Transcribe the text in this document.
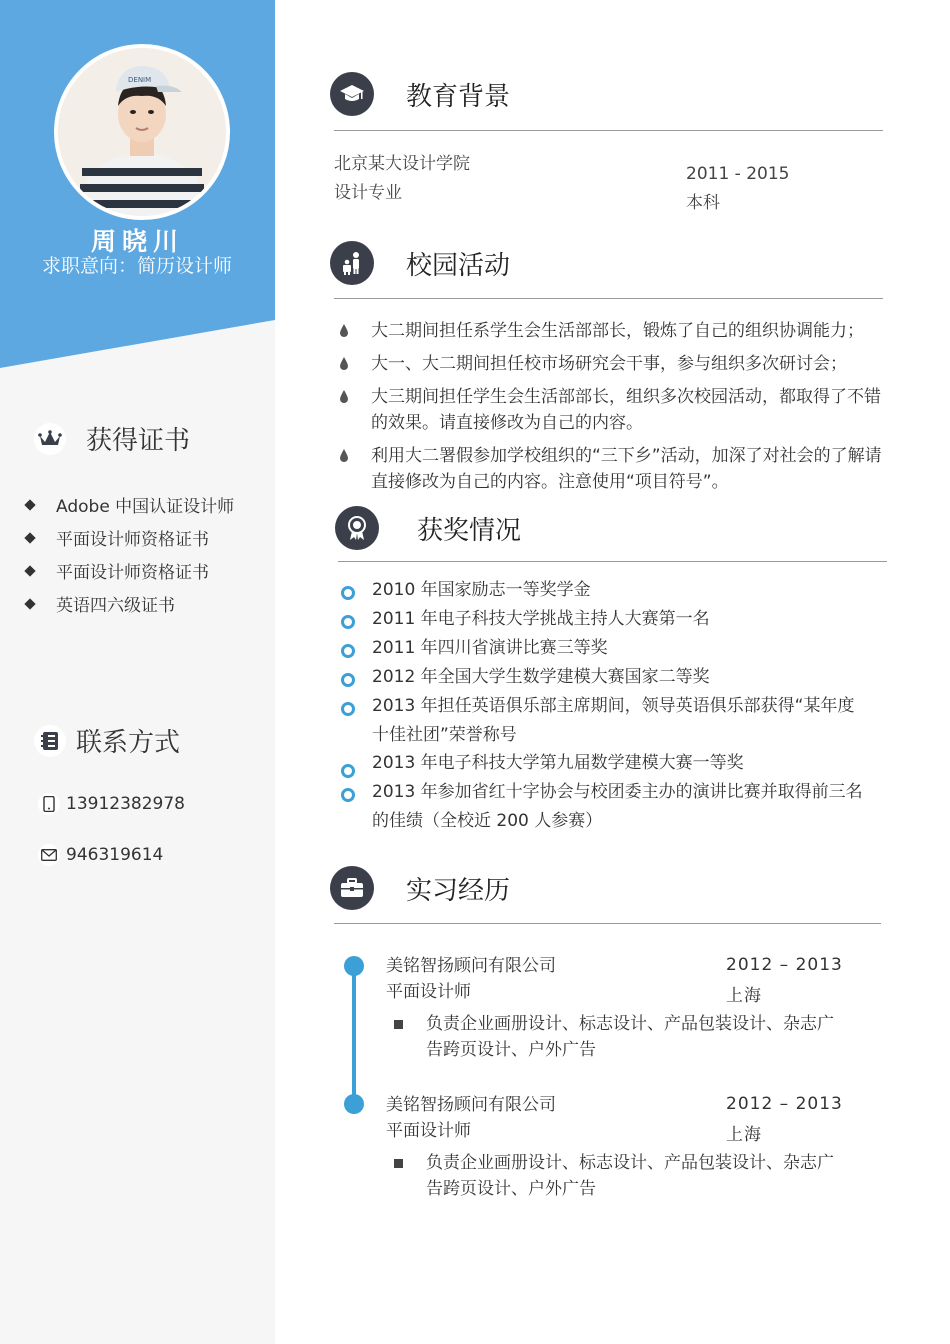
DENIM
周晓川
求职意向：简历设计师
获得证书
Adobe 中国认证设计师
平面设计师资格证书
平面设计师资格证书
英语四六级证书
联系方式
13912382978
946319614
教育背景
北京某大设计学院
设计专业
2011 - 2015
本科
校园活动
大二期间担任系学生会生活部部长，锻炼了自己的组织协调能力；
大一、大二期间担任校市场研究会干事，参与组织多次研讨会；
大三期间担任学生会生活部部长，组织多次校园活动，都取得了不错的效果。请直接修改为自己的内容。
利用大二署假参加学校组织的“三下乡”活动，加深了对社会的了解请直接修改为自己的内容。注意使用“项目符号”。
获奖情况
2010 年国家励志一等奖学金
2011 年电子科技大学挑战主持人大赛第一名
2011 年四川省演讲比赛三等奖
2012 年全国大学生数学建模大赛国家二等奖
2013 年担任英语俱乐部主席期间，领导英语俱乐部获得“某年度十佳社团”荣誉称号
2013 年电子科技大学第九届数学建模大赛一等奖
2013 年参加省红十字协会与校团委主办的演讲比赛并取得前三名的佳绩（全校近 200 人参赛）
实习经历
美铭智扬顾问有限公司
平面设计师
2012 – 2013
上海
负责企业画册设计、标志设计、产品包装设计、杂志广告跨页设计、户外广告
美铭智扬顾问有限公司
平面设计师
2012 – 2013
上海
负责企业画册设计、标志设计、产品包装设计、杂志广告跨页设计、户外广告
